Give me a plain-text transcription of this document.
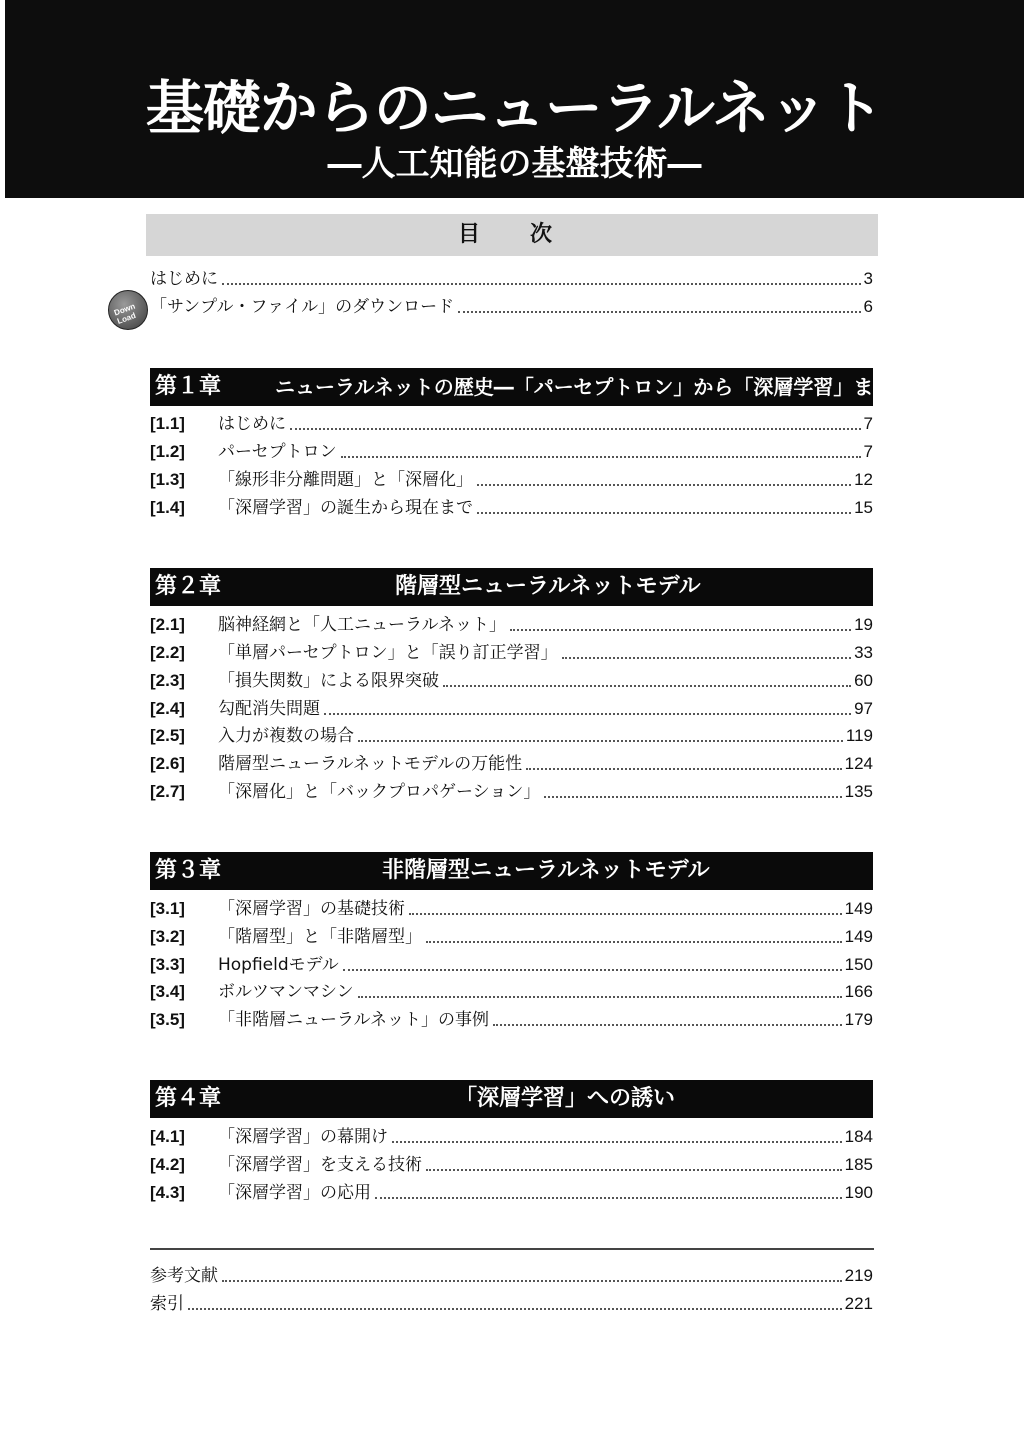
基礎からのニューラルネット
―人工知能の基盤技術―
目　次
はじめに	3
Down Load
「サンプル・ファイル」のダウンロード	6
第１章	ニューラルネットの歴史―「パーセプトロン」から「深層学習」まで―
[1.1]	はじめに	7
[1.2]	パーセプトロン	7
[1.3]	「線形非分離問題」と「深層化」	12
[1.4]	「深層学習」の誕生から現在まで	15
第２章	階層型ニューラルネットモデル
[2.1]	脳神経網と「人工ニューラルネット」	19
[2.2]	「単層パーセプトロン」と「誤り訂正学習」	33
[2.3]	「損失関数」による限界突破	60
[2.4]	勾配消失問題	97
[2.5]	入力が複数の場合	119
[2.6]	階層型ニューラルネットモデルの万能性	124
[2.7]	「深層化」と「バックプロパゲーション」	135
第３章	非階層型ニューラルネットモデル
[3.1]	「深層学習」の基礎技術	149
[3.2]	「階層型」と「非階層型」	149
[3.3]	Hopfieldモデル	150
[3.4]	ボルツマンマシン	166
[3.5]	「非階層ニューラルネット」の事例	179
第４章	「深層学習」への誘い
[4.1]	「深層学習」の幕開け	184
[4.2]	「深層学習」を支える技術	185
[4.3]	「深層学習」の応用	190
参考文献	219
索引	221
